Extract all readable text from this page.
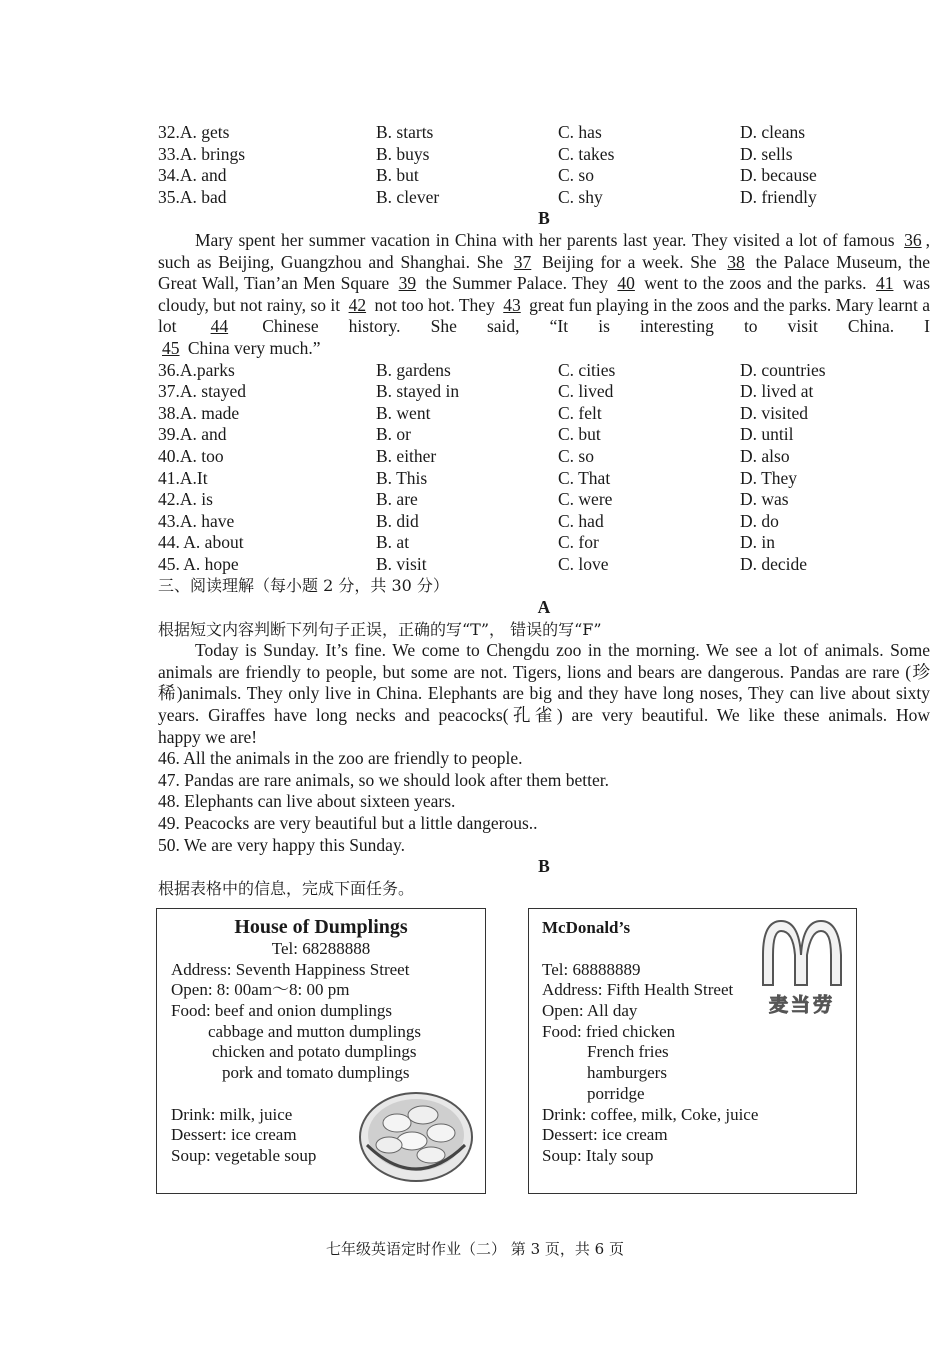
32.A. gets	B. starts	C. has	D. cleans
33.A. brings	B. buys	C. takes	D. sells
34.A. and	B. but	C. so	D. because
35.A. bad	B. clever	C. shy	D. friendly
B
Mary spent her summer vacation in China with her parents last year. They visited a lot of famous 36 , such as Beijing, Guangzhou and Shanghai. She 37 Beijing for a week. She 38 the Palace Museum, the Great Wall, Tian’an Men Square 39 the Summer Palace. They 40 went to the zoos and the parks. 41 was cloudy, but not rainy, so it 42 not too hot. They 43 great fun playing in the zoos and the parks. Mary learnt a lot 44 Chinese history. She said, “It is interesting to visit China. I
45 China very much.”
36.A.parks	B. gardens	C. cities	D. countries
37.A. stayed	B. stayed in	C. lived	D. lived at
38.A. made	B. went	C. felt	D. visited
39.A. and	B. or	C. but	D. until
40.A. too	B. either	C. so	D. also
41.A.It	B. This	C. That	D. They
42.A. is	B. are	C. were	D. was
43.A. have	B. did	C. had	D. do
44. A. about	B. at	C. for	D. in
45. A. hope	B. visit	C. love	D. decide
三、阅读理解（每小题 2 分，共 30 分）
A
根据短文内容判断下列句子正误，正确的写“T”， 错误的写“F”
Today is Sunday. It’s fine. We come to Chengdu zoo in the morning. We see a lot of animals. Some animals are friendly to people, but some are not. Tigers, lions and bears are dangerous. Pandas are rare (珍稀)animals. They only live in China. Elephants are big and they have long noses, They can live about sixty years. Giraffes have long necks and peacocks(孔雀) are very beautiful. We like these animals. How
happy we are!
46. All the animals in the zoo are friendly to people.
47. Pandas are rare animals, so we should look after them better.
48. Elephants can live about sixteen years.
49. Peacocks are very beautiful but a little dangerous..
50. We are very happy this Sunday.
B
根据表格中的信息，完成下面任务。
House of Dumplings
Tel: 68288888
Address: Seventh Happiness Street
Open: 8: 00am～8: 00 pm
Food: beef and onion dumplings
cabbage and mutton dumplings
chicken and potato dumplings
pork and tomato dumplings
Drink: milk, juice
Dessert: ice cream
Soup: vegetable soup
McDonald’s
Tel: 68888889
Address: Fifth Health Street
Open: All day
Food: fried chicken
French fries
hamburgers
porridge
Drink: coffee, milk, Coke, juice
Dessert: ice cream
Soup: Italy soup
麦当劳
七年级英语定时作业（二） 第 3 页，共 6 页
